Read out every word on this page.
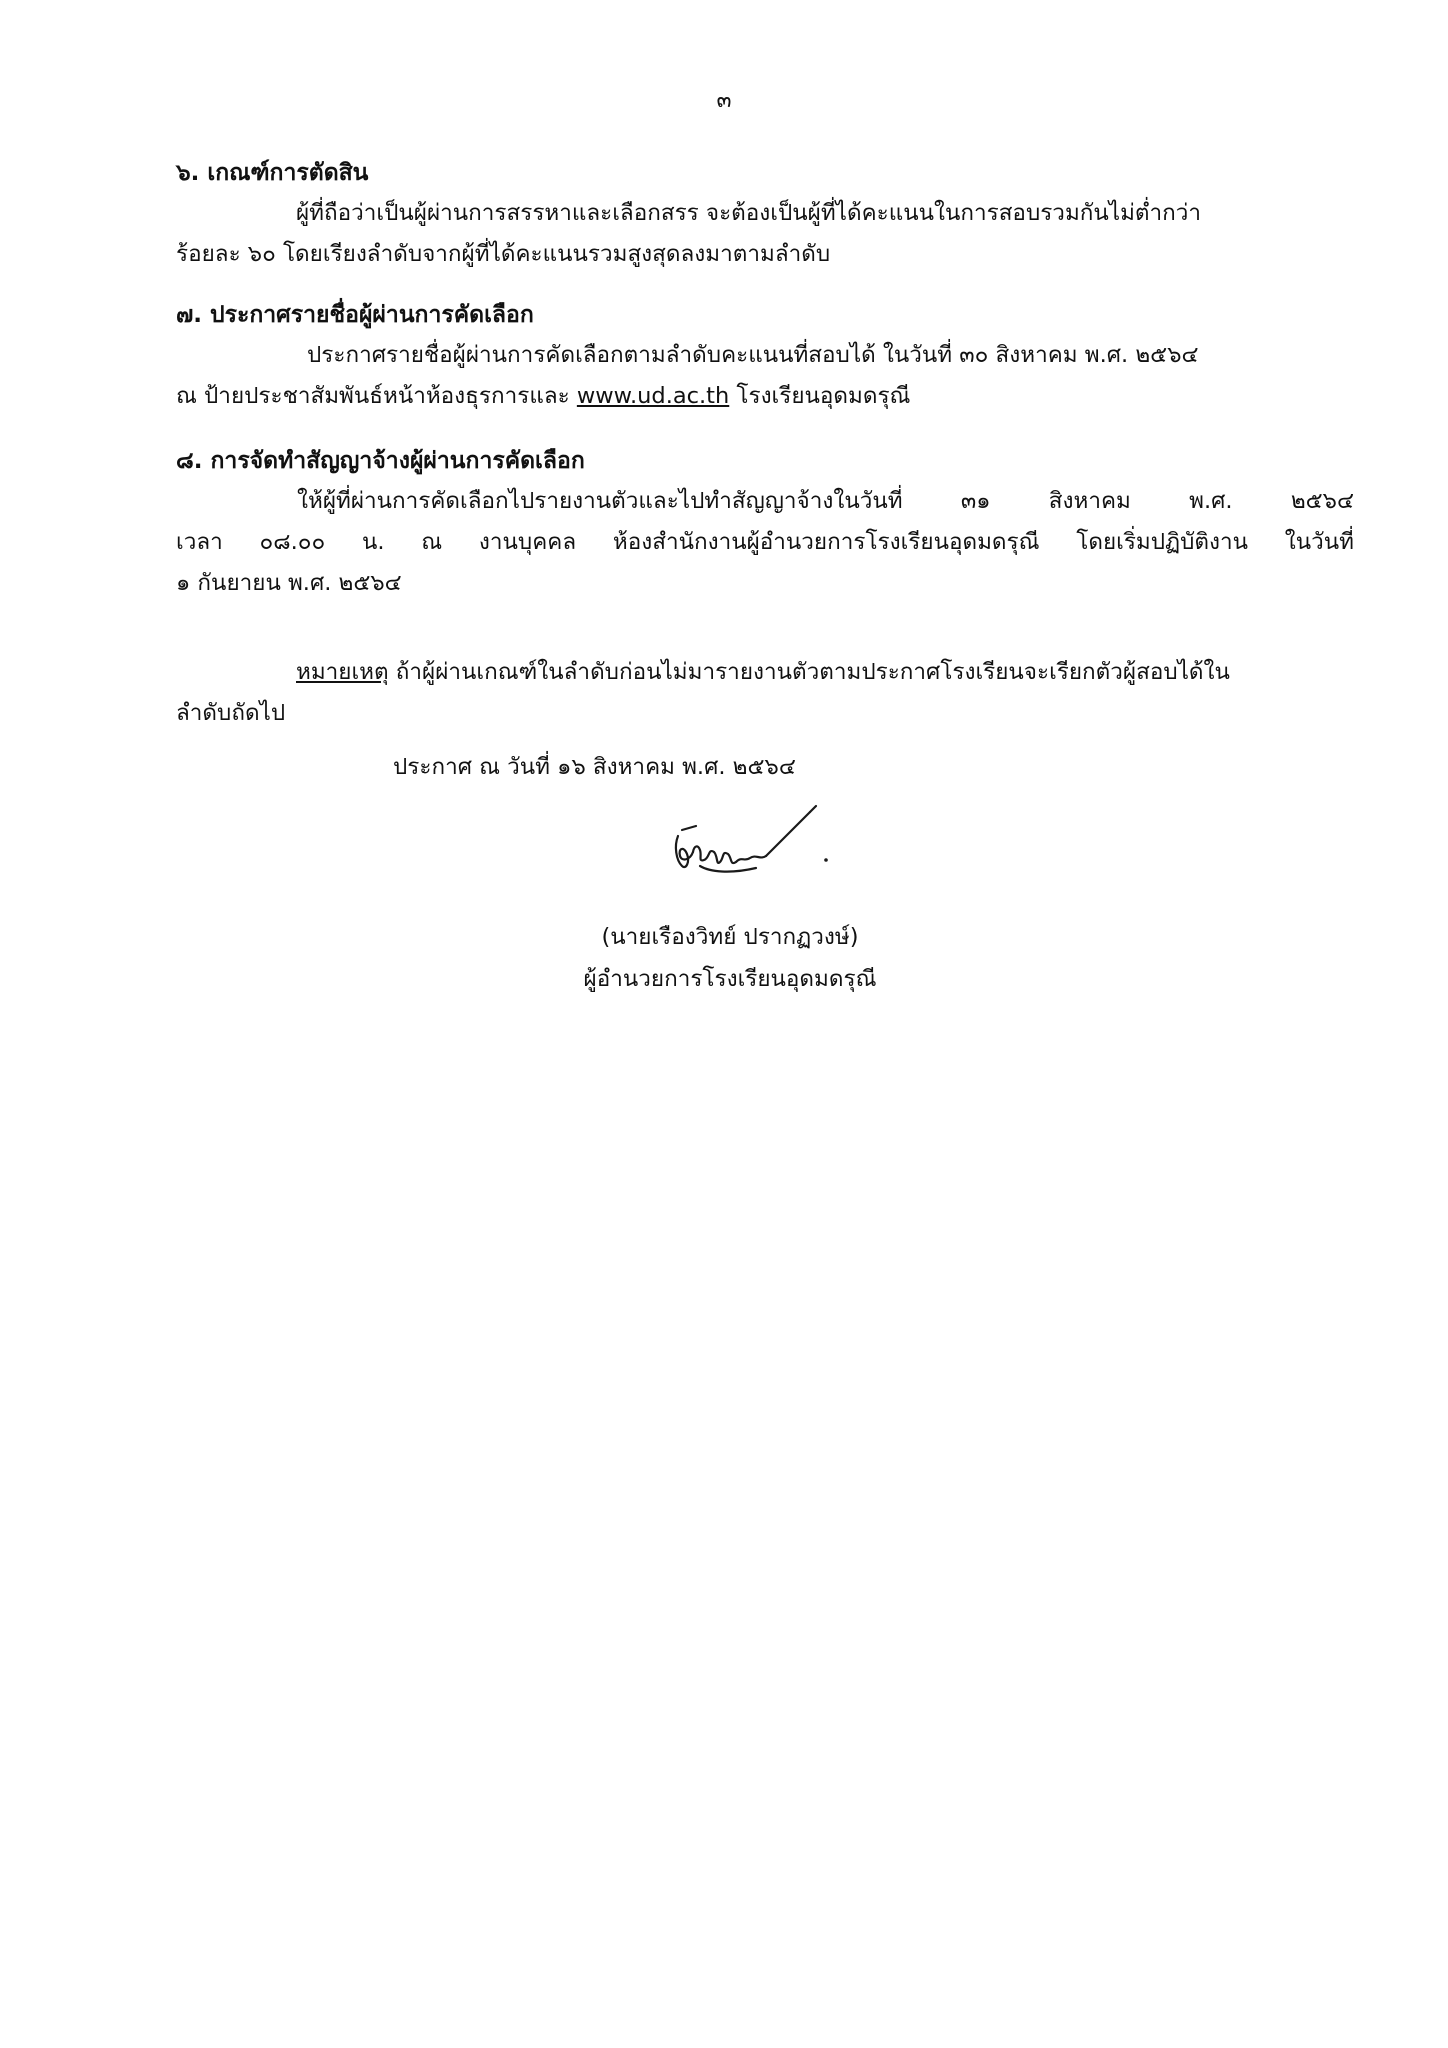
๓
๖. เกณฑ์การตัดสิน
ผู้ที่ถือว่าเป็นผู้ผ่านการสรรหาและเลือกสรร จะต้องเป็นผู้ที่ได้คะแนนในการสอบรวมกันไม่ต่ำกว่า
ร้อยละ ๖๐ โดยเรียงลำดับจากผู้ที่ได้คะแนนรวมสูงสุดลงมาตามลำดับ
๗. ประกาศรายชื่อผู้ผ่านการคัดเลือก
ประกาศรายชื่อผู้ผ่านการคัดเลือกตามลำดับคะแนนที่สอบได้ ในวันที่ ๓๐ สิงหาคม พ.ศ. ๒๕๖๔
ณ ป้ายประชาสัมพันธ์หน้าห้องธุรการและ www.ud.ac.th โรงเรียนอุดมดรุณี
๘. การจัดทำสัญญาจ้างผู้ผ่านการคัดเลือก
ให้ผู้ที่ผ่านการคัดเลือกไปรายงานตัวและไปทำสัญญาจ้างในวันที่ ๓๑ สิงหาคม พ.ศ. ๒๕๖๔
เวลา ๐๘.๐๐ น. ณ งานบุคคล ห้องสำนักงานผู้อำนวยการโรงเรียนอุดมดรุณี โดยเริ่มปฏิบัติงาน ในวันที่
๑ กันยายน พ.ศ. ๒๕๖๔
หมายเหตุ ถ้าผู้ผ่านเกณฑ์ในลำดับก่อนไม่มารายงานตัวตามประกาศโรงเรียนจะเรียกตัวผู้สอบได้ใน
ลำดับถัดไป
ประกาศ ณ วันที่ ๑๖ สิงหาคม พ.ศ. ๒๕๖๔
(นายเรืองวิทย์ ปรากฏวงษ์)
ผู้อำนวยการโรงเรียนอุดมดรุณี
